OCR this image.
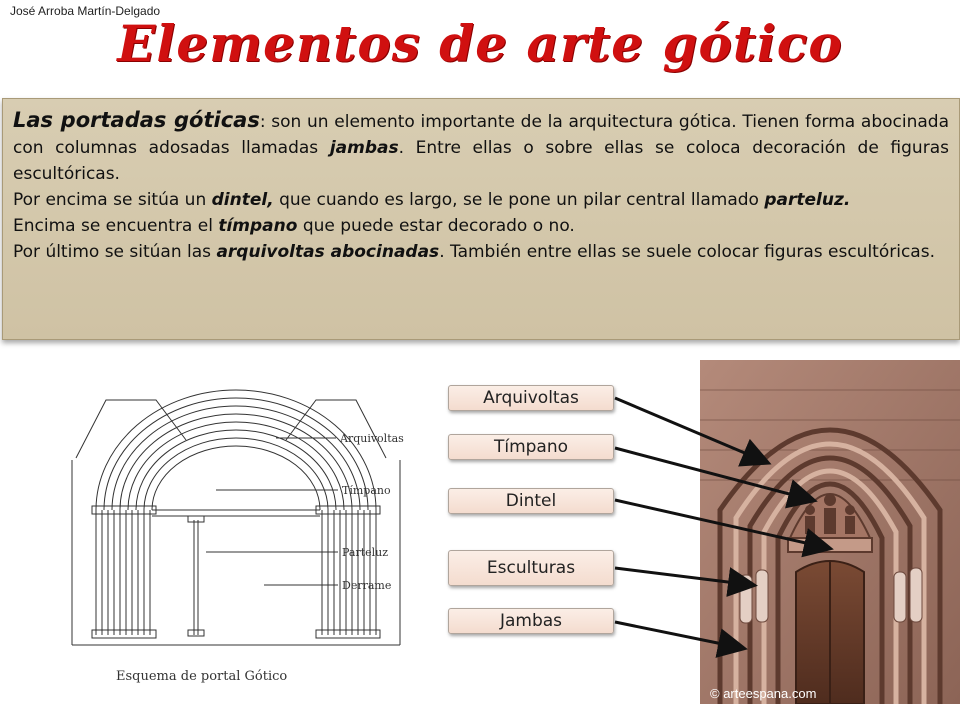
José Arroba Martín-Delgado
Elementos de arte gótico

Las portadas góticas: son un elemento importante de la arquitectura gótica. Tienen forma abocinada con columnas adosadas llamadas jambas. Entre ellas o sobre ellas se coloca decoración de figuras escultóricas.

Por encima se sitúa un dintel, que cuando es largo, se le pone un pilar central llamado parteluz.

Encima se encuentra el tímpano que puede estar decorado o no.

Por último se sitúan las arquivoltas abocinadas. También entre ellas se suele colocar figuras escultóricas.

Arquivoltas
Tímpano
Parteluz
Derrame
Esquema de portal Gótico
© arteespana.com
Arquivoltas
Tímpano
Dintel
Esculturas
Jambas
